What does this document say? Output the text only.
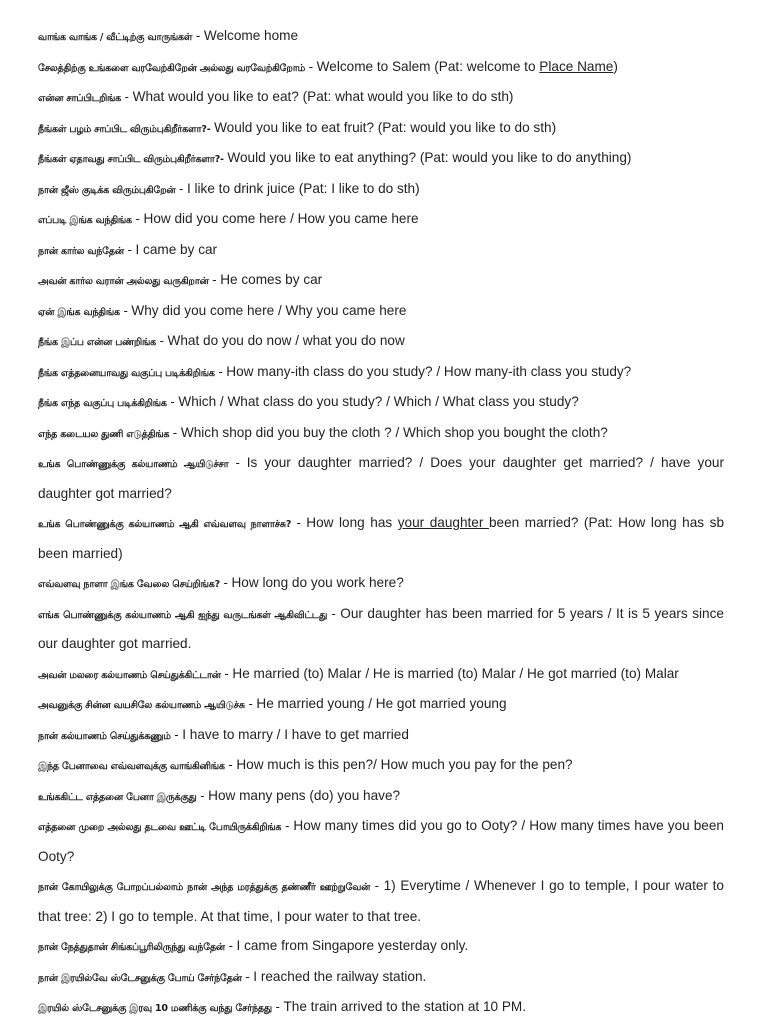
வாங்க வாங்க / வீட்டிற்கு வாருங்கள் - Welcome home
சேலத்திற்கு உங்களை வரவேற்கிறேன் அல்லது வரவேற்கிறோம் - Welcome to Salem (Pat: welcome to Place Name)
என்ன சாப்பிடறிங்க - What would you like to eat? (Pat: what would you like to do sth)
நீங்கள் பழம் சாப்பிட விரும்புகிறீர்களா?- Would you like to eat fruit? (Pat: would you like to do sth)
நீங்கள் ஏதாவது சாப்பிட விரும்புகிறீர்களா?- Would you like to eat anything? (Pat: would you like to do anything)
நான் ஜீஸ் குடிக்க விரும்புகிறேன் - I like to drink juice (Pat: I like to do sth)
எப்படி இங்க வந்திங்க - How did you come here / How you came here
நான் கார்ல வந்தேன் - I came by car
அவன் கார்ல வரான் அல்லது வருகிறான் - He comes by car
ஏன் இங்க வந்திங்க - Why did you come here / Why you came here
நீங்க இப்ப என்ன பண்றிங்க - What do you do now / what you do now
நீங்க எத்தனையாவது வகுப்பு படிக்கிறிங்க - How many-ith class do you study? / How many-ith class you study?
நீங்க எந்த வகுப்பு படிக்கிறிங்க - Which / What class do you study? / Which / What class you study?
எந்த கடையல துணி எடுத்திங்க - Which shop did you buy the cloth ? / Which shop you bought the cloth?
உங்க பொண்ணுக்கு கல்யாணம் ஆயிடுச்சா - Is your daughter married? / Does your daughter get married? / have your daughter got married?
உங்க பொண்ணுக்கு கல்யாணம் ஆகி எவ்வளவு நாளாச்சு? - How long has your daughter been married? (Pat: How long has sb been married)
எவ்வளவு நாளா இங்க வேலை செய்றிங்க? - How long do you work here?
எங்க பொண்ணுக்கு கல்யாணம் ஆகி ஐந்து வருடங்கள் ஆகிவிட்டது - Our daughter has been married for 5 years / It is 5 years since our daughter got married.
அவன் மலரை கல்யாணம் செய்துக்கிட்டான் - He married (to) Malar / He is married (to) Malar / He got married (to) Malar
அவனுக்கு சின்ன வயசிலே கல்யாணம் ஆயிடுச்சு - He married young / He got married young
நான் கல்யாணம் செய்துக்கணும் - I have to marry / I have to get married
இந்த பேனாவை எவ்வளவுக்கு வாங்கினிங்க - How much is this pen?/ How much you pay for the pen?
உங்ககிட்ட எத்தனை பேனா இருக்குது - How many pens (do) you have?
எத்தனை முறை அல்லது தடவை ஊட்டி போயிருக்கிறிங்க - How many times did you go to Ooty? / How many times have you been Ooty?
நான் கோயிலுக்கு போறப்பல்லாம் நான் அந்த மரத்துக்கு தண்ணீர் ஊற்றுவேன் - 1) Everytime / Whenever I go to temple, I pour water to that tree: 2) I go to temple. At that time, I pour water to that tree.
நான் நேத்துதான் சிங்கப்பூரிலிருந்து வந்தேன் - I came from Singapore yesterday only.
நான் இரயில்வே ஸ்டேசனுக்கு போய் சேர்ந்தேன் - I reached the railway station.
இரயில் ஸ்டேசனுக்கு இரவு 10 மணிக்கு வந்து சேர்ந்தது - The train arrived to the station at 10 PM.
